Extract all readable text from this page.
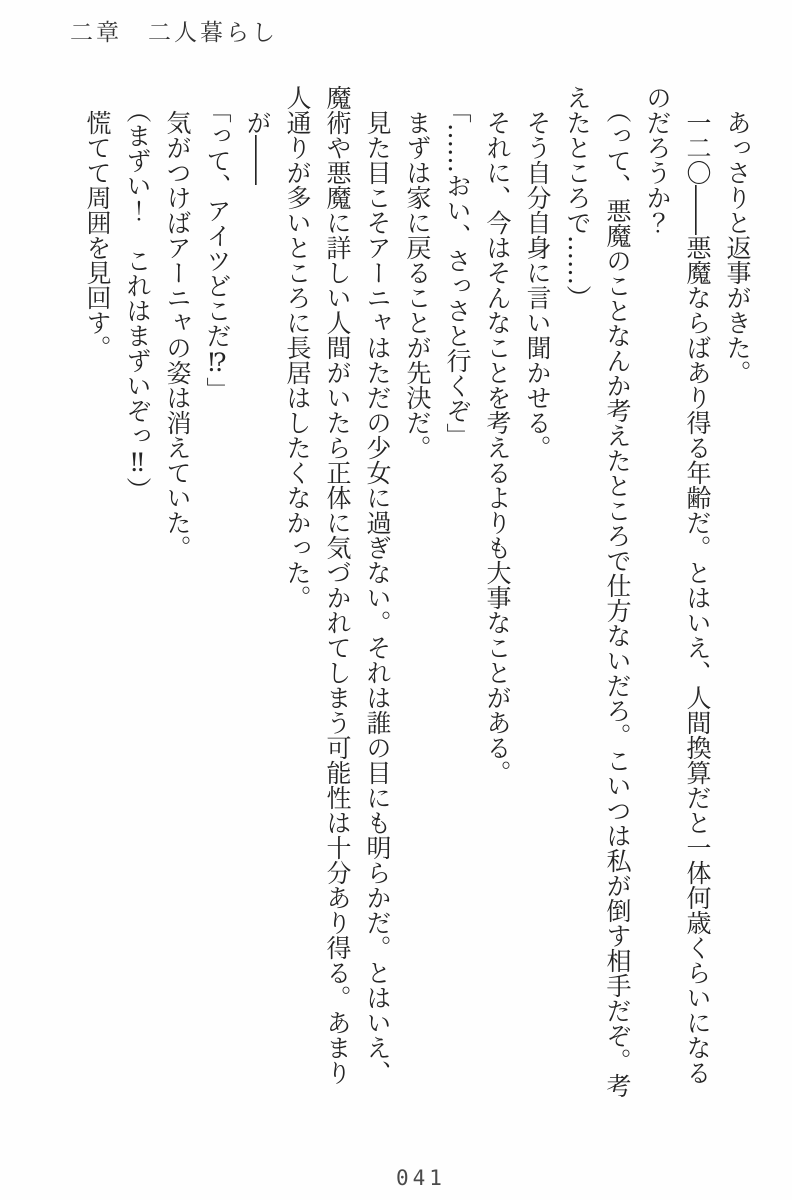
二章　二人暮らし

あっさりと返事がきた。

一二〇――悪魔ならばあり得る年齢だ。とはいえ、人間換算だと一体何歳くらいになる

のだろうか？

（って、悪魔のことなんか考えたところで仕方ないだろ。こいつは私が倒す相手だぞ。考

えたところで……）

そう自分自身に言い聞かせる。

それに、今はそんなことを考えるよりも大事なことがある。

「……おい、さっさと行くぞ」

まずは家に戻ることが先決だ。

見た目こそアーニャはただの少女に過ぎない。それは誰の目にも明らかだ。とはいえ、

魔術や悪魔に詳しい人間がいたら正体に気づかれてしまう可能性は十分あり得る。あまり

人通りが多いところに長居はしたくなかった。

が――

「って、アイツどこだ⁉」

気がつけばアーニャの姿は消えていた。

（まずい！　これはまずいぞっ‼）

慌てて周囲を見回す。

041
